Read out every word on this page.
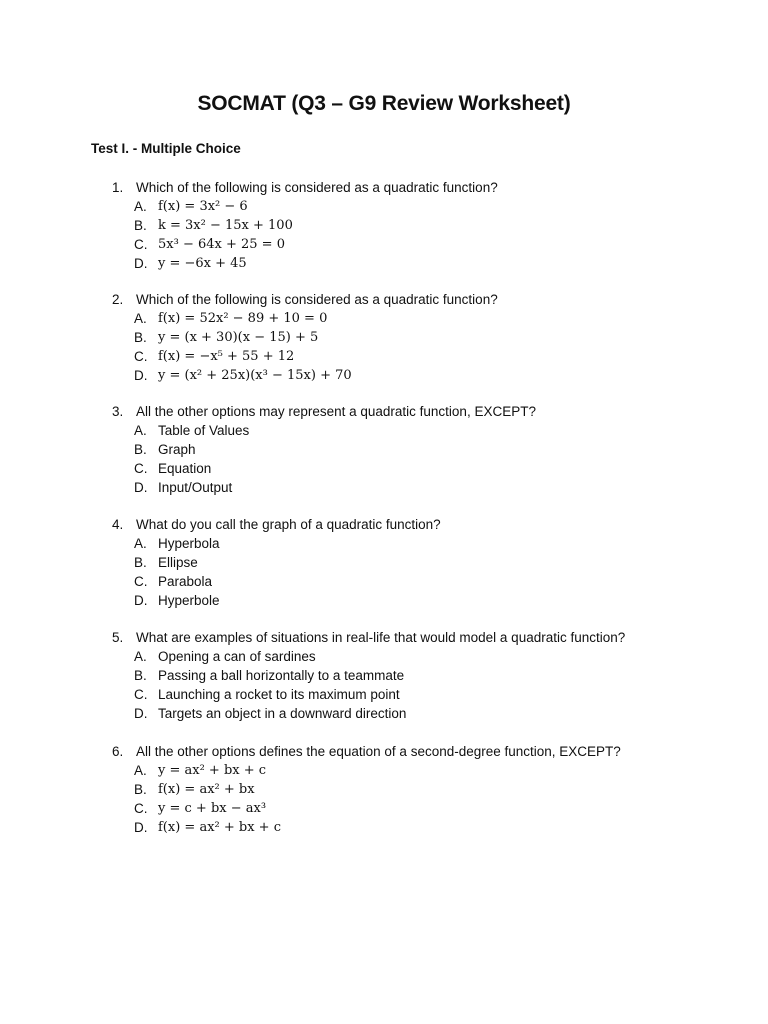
SOCMAT (Q3 – G9 Review Worksheet)
Test I. - Multiple Choice
1. Which of the following is considered as a quadratic function?
A. f(x) = 3x² − 6
B. k = 3x² − 15x + 100
C. 5x³ − 64x + 25 = 0
D. y = −6x + 45
2. Which of the following is considered as a quadratic function?
A. f(x) = 52x² − 89 + 10 = 0
B. y = (x + 30)(x − 15) + 5
C. f(x) = −x⁵ + 55 + 12
D. y = (x² + 25x)(x³ − 15x) + 70
3. All the other options may represent a quadratic function, EXCEPT?
A. Table of Values
B. Graph
C. Equation
D. Input/Output
4. What do you call the graph of a quadratic function?
A. Hyperbola
B. Ellipse
C. Parabola
D. Hyperbole
5. What are examples of situations in real-life that would model a quadratic function?
A. Opening a can of sardines
B. Passing a ball horizontally to a teammate
C. Launching a rocket to its maximum point
D. Targets an object in a downward direction
6. All the other options defines the equation of a second-degree function, EXCEPT?
A. y = ax² + bx + c
B. f(x) = ax² + bx
C. y = c + bx − ax³
D. f(x) = ax² + bx + c
